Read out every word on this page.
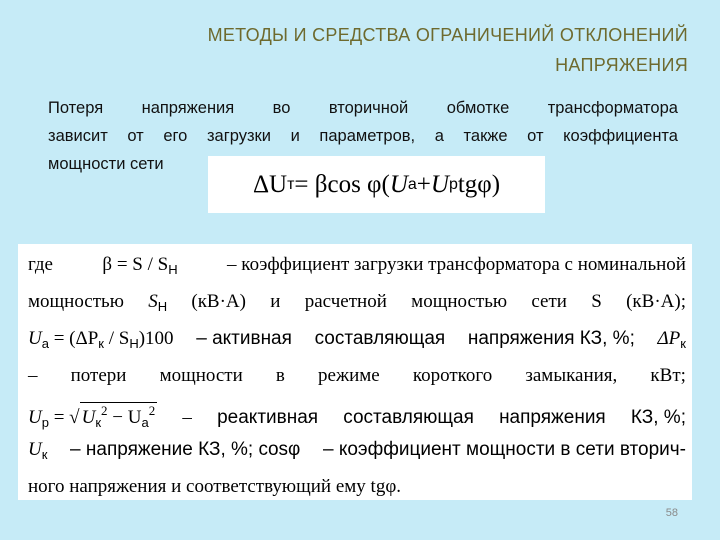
МЕТОДЫ И СРЕДСТВА ОГРАНИЧЕНИЙ ОТКЛОНЕНИЙ
НАПРЯЖЕНИЯ
Потеря напряжения во вторичной обмотке трансформатора
зависит от его загрузки и параметров, а также от коэффициента
мощности сети
ΔU т = βcos φ( U a + U p tgφ)
где	$\beta = S / S_Н$	– коэффициент загрузки трансформатора с номинальной
мощностью $S_Н$ (кВ·А) и расчетной мощностью сети S (кВ·А);
$U_a = (\Delta P_к / S_Н)100$ – активная составляющая напряжения КЗ, %; $\Delta P_к$
– потери мощности в режиме короткого замыкания, кВт;
$U_p$ = √ $U_к^2 - U_a^2$ – реактивная составляющая напряжения КЗ, %;
$U_к$ – напряжение КЗ, %; cosφ – коэффициент мощности в сети вторич-
ного напряжения и соответствующий ему tgφ.
58
